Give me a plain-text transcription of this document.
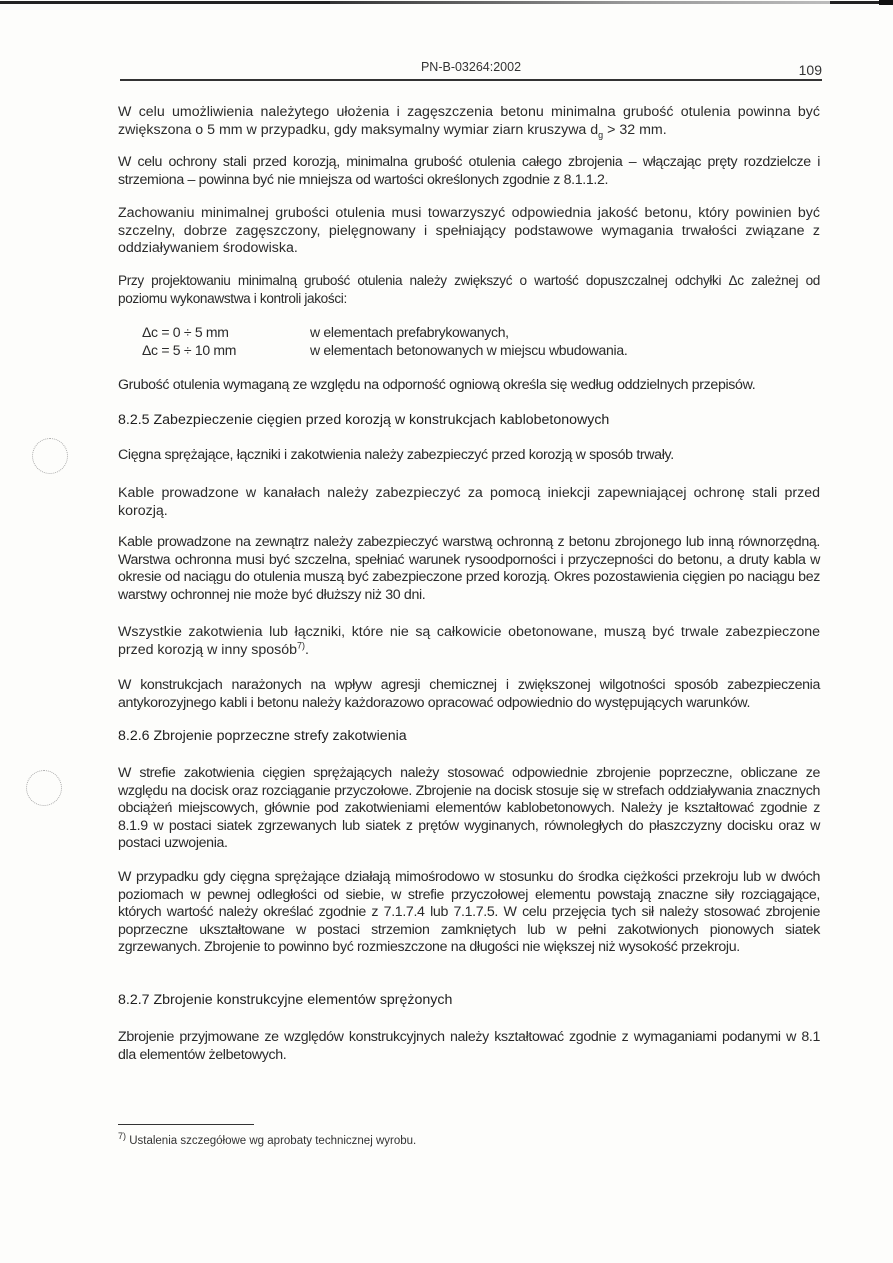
PN-B-03264:2002	109

W celu umożliwienia należytego ułożenia i zagęszczenia betonu minimalna grubość otulenia powinna być zwiększona o 5 mm w przypadku, gdy maksymalny wymiar ziarn kruszywa $d_g > 32$ mm.

W celu ochrony stali przed korozją, minimalna grubość otulenia całego zbrojenia – włączając pręty rozdzielcze i strzemiona – powinna być nie mniejsza od wartości określonych zgodnie z 8.1.1.2.

Zachowaniu minimalnej grubości otulenia musi towarzyszyć odpowiednia jakość betonu, który powinien być szczelny, dobrze zagęszczony, pielęgnowany i spełniający podstawowe wymagania trwałości związane z oddziaływaniem środowiska.

Przy projektowaniu minimalną grubość otulenia należy zwiększyć o wartość dopuszczalnej odchyłki Δc zależnej od poziomu wykonawstwa i kontroli jakości:

Δc = 0 ÷ 5 mm	w elementach prefabrykowanych,
Δc = 5 ÷ 10 mm	w elementach betonowanych w miejscu wbudowania.

Grubość otulenia wymaganą ze względu na odporność ogniową określa się według oddzielnych przepisów.

8.2.5 Zabezpieczenie cięgien przed korozją w konstrukcjach kablobetonowych

Cięgna sprężające, łączniki i zakotwienia należy zabezpieczyć przed korozją w sposób trwały.

Kable prowadzone w kanałach należy zabezpieczyć za pomocą iniekcji zapewniającej ochronę stali przed korozją.

Kable prowadzone na zewnątrz należy zabezpieczyć warstwą ochronną z betonu zbrojonego lub inną równorzędną. Warstwa ochronna musi być szczelna, spełniać warunek rysoodporności i przyczepności do betonu, a druty kabla w okresie od naciągu do otulenia muszą być zabezpieczone przed korozją. Okres pozostawienia cięgien po naciągu bez warstwy ochronnej nie może być dłuższy niż 30 dni.

Wszystkie zakotwienia lub łączniki, które nie są całkowicie obetonowane, muszą być trwale zabezpieczone przed korozją w inny sposób$^{7)}$.

W konstrukcjach narażonych na wpływ agresji chemicznej i zwiększonej wilgotności sposób zabezpieczenia antykorozyjnego kabli i betonu należy każdorazowo opracować odpowiednio do występujących warunków.

8.2.6 Zbrojenie poprzeczne strefy zakotwienia

W strefie zakotwienia cięgien sprężających należy stosować odpowiednie zbrojenie poprzeczne, obliczane ze względu na docisk oraz rozciąganie przyczołowe. Zbrojenie na docisk stosuje się w strefach oddziaływania znacznych obciążeń miejscowych, głównie pod zakotwieniami elementów kablobetonowych. Należy je kształtować zgodnie z 8.1.9 w postaci siatek zgrzewanych lub siatek z prętów wyginanych, równoległych do płaszczyzny docisku oraz w postaci uzwojenia.

W przypadku gdy cięgna sprężające działają mimośrodowo w stosunku do środka ciężkości przekroju lub w dwóch poziomach w pewnej odległości od siebie, w strefie przyczołowej elementu powstają znaczne siły rozciągające, których wartość należy określać zgodnie z 7.1.7.4 lub 7.1.7.5. W celu przejęcia tych sił należy stosować zbrojenie poprzeczne ukształtowane w postaci strzemion zamkniętych lub w pełni zakotwionych pionowych siatek zgrzewanych. Zbrojenie to powinno być rozmieszczone na długości nie większej niż wysokość przekroju.

8.2.7 Zbrojenie konstrukcyjne elementów sprężonych

Zbrojenie przyjmowane ze względów konstrukcyjnych należy kształtować zgodnie z wymaganiami podanymi w 8.1 dla elementów żelbetowych.

$^{7)}$ Ustalenia szczegółowe wg aprobaty technicznej wyrobu.
